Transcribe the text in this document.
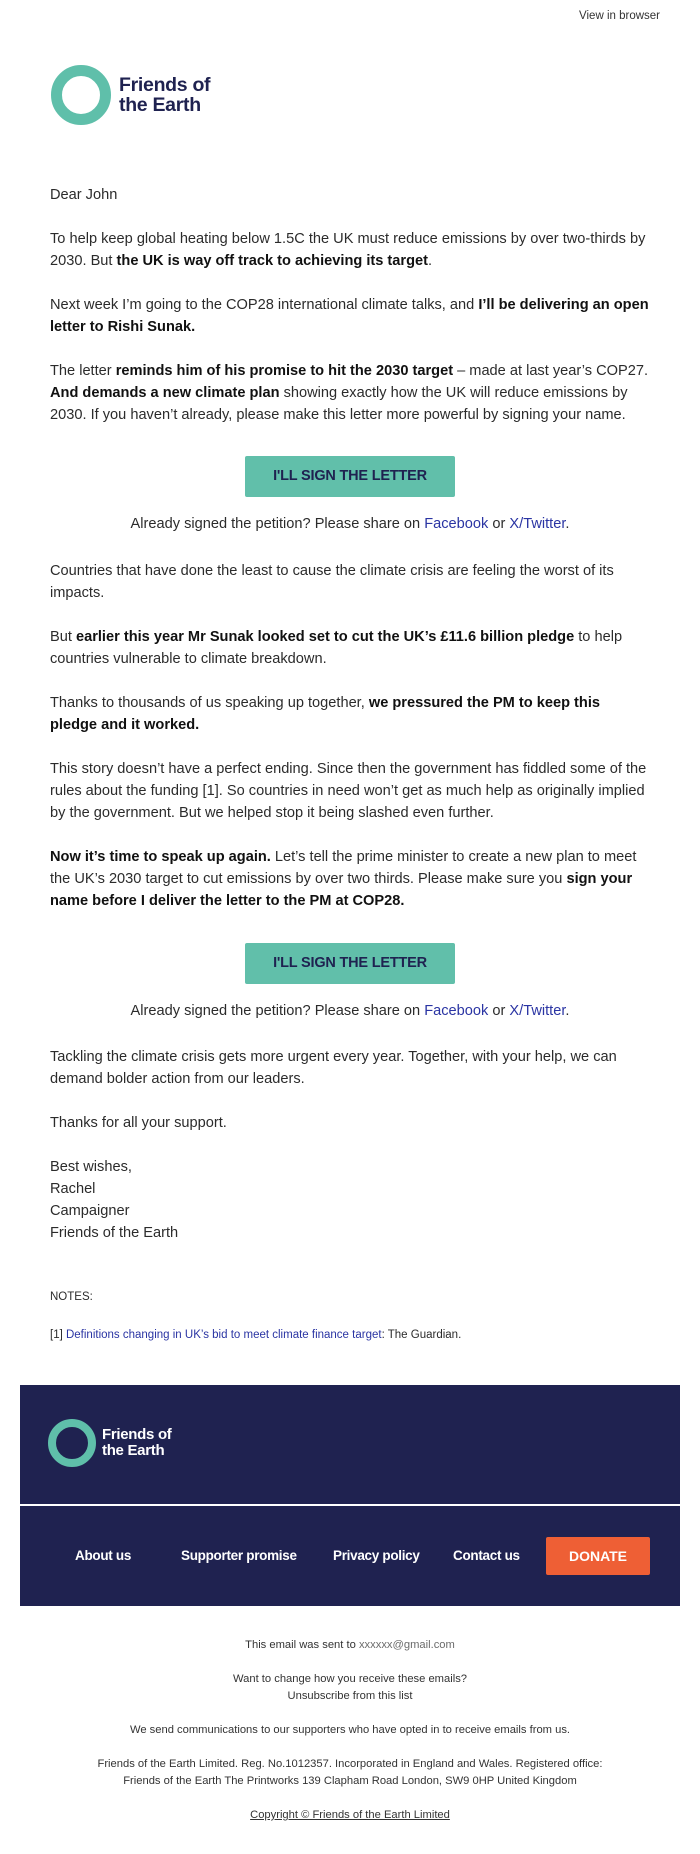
View in browser
Friends of
the Earth

Dear John

To help keep global heating below 1.5C the UK must reduce emissions by over two-thirds by 2030. But the UK is way off track to achieving its target.

Next week I’m going to the COP28 international climate talks, and I’ll be delivering an open letter to Rishi Sunak.

The letter reminds him of his promise to hit the 2030 target – made at last year’s COP27. And demands a new climate plan showing exactly how the UK will reduce emissions by 2030. If you haven’t already, please make this letter more powerful by signing your name.

Countries that have done the least to cause the climate crisis are feeling the worst of its impacts.

But earlier this year Mr Sunak looked set to cut the UK’s £11.6 billion pledge to help countries vulnerable to climate breakdown.

Thanks to thousands of us speaking up together, we pressured the PM to keep this pledge and it worked.

This story doesn’t have a perfect ending. Since then the government has fiddled some of the rules about the funding [1]. So countries in need won’t get as much help as originally implied by the government. But we helped stop it being slashed even further.

Now it’s time to speak up again. Let’s tell the prime minister to create a new plan to meet the UK’s 2030 target to cut emissions by over two thirds. Please make sure you sign your name before I deliver the letter to the PM at COP28.

Tackling the climate crisis gets more urgent every year. Together, with your help, we can demand bolder action from our leaders.

Thanks for all your support.

Best wishes,
Rachel
Campaigner
Friends of the Earth

I'LL SIGN THE LETTER
Already signed the petition? Please share on Facebook or X/Twitter.
I'LL SIGN THE LETTER
Already signed the petition? Please share on Facebook or X/Twitter.
NOTES:
[1] Definitions changing in UK’s bid to meet climate finance target: The Guardian.
Friends of
the Earth
About us	Supporter promise	Privacy policy Contact us	DONATE
This email was sent to xxxxxx@gmail.com
Want to change how you receive these emails?
Unsubscribe from this list
We send communications to our supporters who have opted in to receive emails from us.
Friends of the Earth Limited. Reg. No.1012357. Incorporated in England and Wales. Registered office:
Friends of the Earth The Printworks 139 Clapham Road London, SW9 0HP United Kingdom
Copyright © Friends of the Earth Limited
